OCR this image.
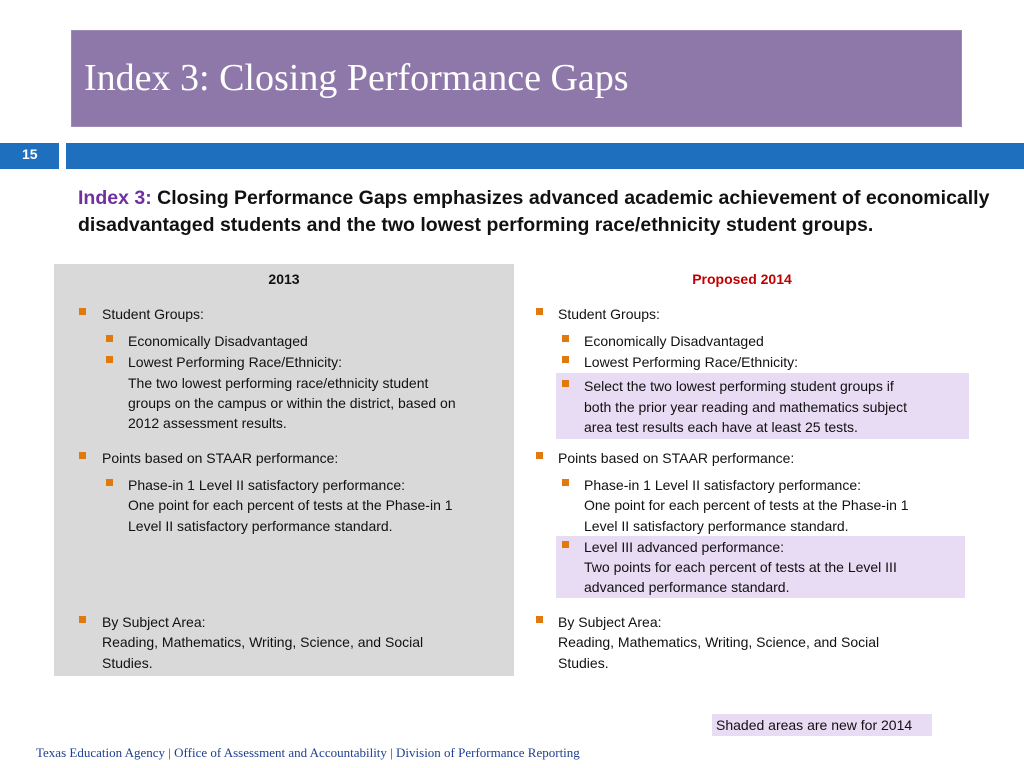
Index 3: Closing Performance Gaps
15
Index 3: Closing Performance Gaps emphasizes advanced academic achievement of economically disadvantaged students and the two lowest performing race/ethnicity student groups.
2013	Proposed 2014
Student Groups:
Economically Disadvantaged
Lowest Performing Race/Ethnicity:
The two lowest performing race/ethnicity student
groups on the campus or within the district, based on
2012 assessment results.
Points based on STAAR performance:
Phase-in 1 Level II satisfactory performance:
One point for each percent of tests at the Phase-in 1
Level II satisfactory performance standard.
By Subject Area:
Reading, Mathematics, Writing, Science, and Social
Studies.
Student Groups:
Economically Disadvantaged
Lowest Performing Race/Ethnicity:
Select the two lowest performing student groups if
both the prior year reading and mathematics subject
area test results each have at least 25 tests.
Points based on STAAR performance:
Phase-in 1 Level II satisfactory performance:
One point for each percent of tests at the Phase-in 1
Level II satisfactory performance standard.
Level III advanced performance:
Two points for each percent of tests at the Level III
advanced performance standard.
By Subject Area:
Reading, Mathematics, Writing, Science, and Social
Studies.
Shaded areas are new for 2014
Texas Education Agency | Office of Assessment and Accountability | Division of Performance Reporting
